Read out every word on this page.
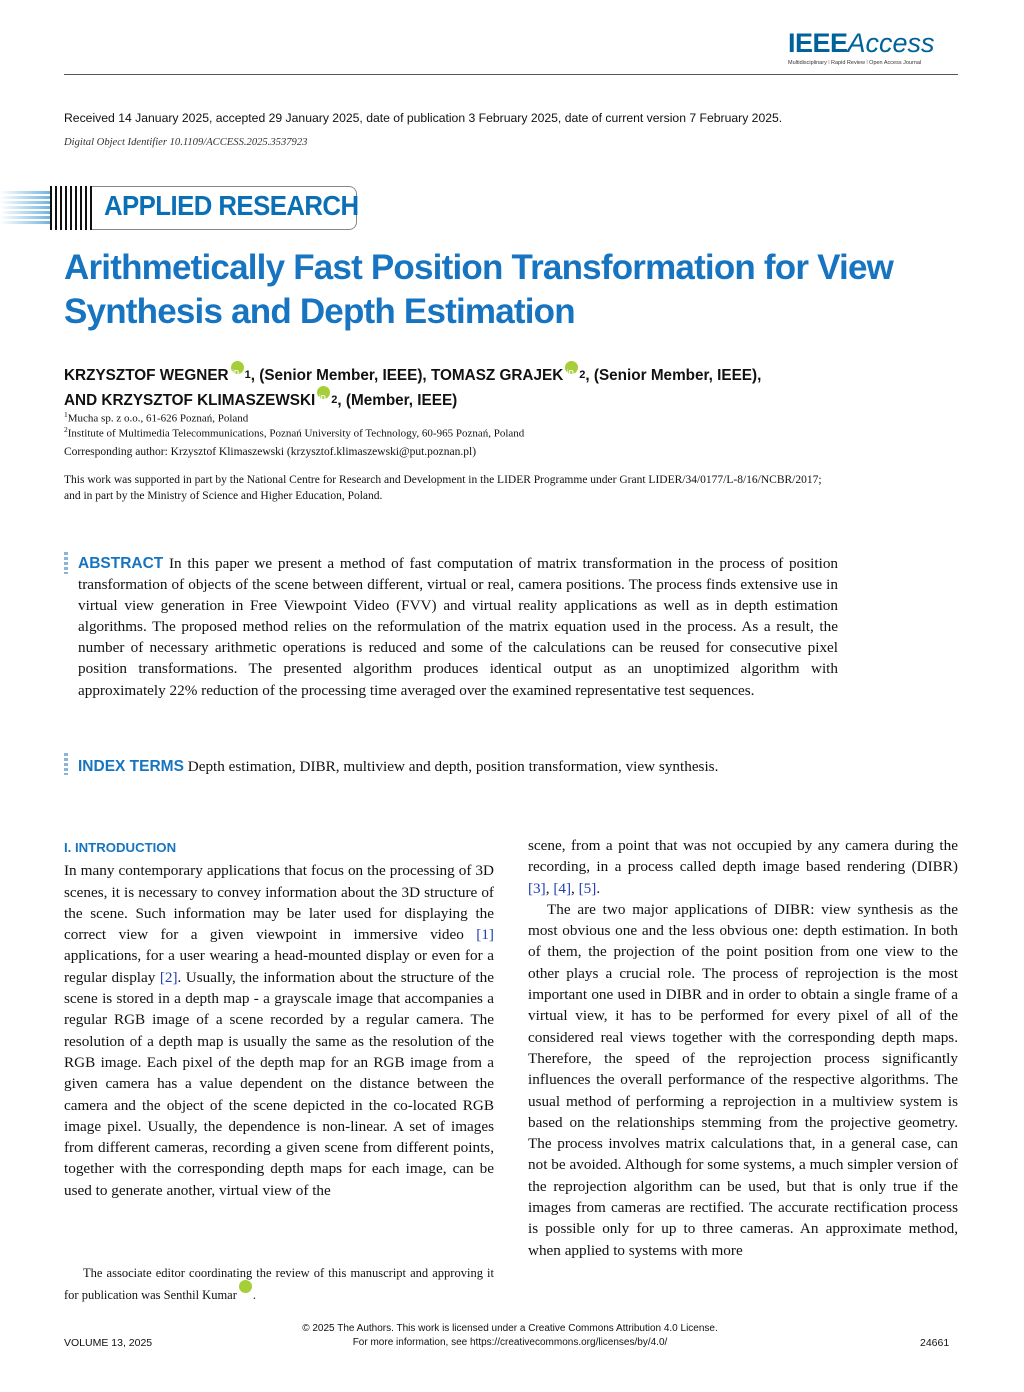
IEEEAccess
Multidisciplinary ⦚ Rapid Review ⦚ Open Access Journal
Received 14 January 2025, accepted 29 January 2025, date of publication 3 February 2025, date of current version 7 February 2025.
Digital Object Identifier 10.1109/ACCESS.2025.3537923
APPLIED RESEARCH
Arithmetically Fast Position Transformation for View Synthesis and Depth Estimation
KRZYSZTOF WEGNERiD $^1$, (Senior Member, IEEE), TOMASZ GRAJEKiD $^2$, (Senior Member, IEEE),
AND KRZYSZTOF KLIMASZEWSKIiD $^2$, (Member, IEEE)
$^1$Mucha sp. z o.o., 61-626 Poznań, Poland
$^2$Institute of Multimedia Telecommunications, Poznań University of Technology, 60-965 Poznań, Poland
Corresponding author: Krzysztof Klimaszewski (krzysztof.klimaszewski@put.poznan.pl)
This work was supported in part by the National Centre for Research and Development in the LIDER Programme under Grant LIDER/34/0177/L-8/16/NCBR/2017; and in part by the Ministry of Science and Higher Education, Poland.
ABSTRACT In this paper we present a method of fast computation of matrix transformation in the process of position transformation of objects of the scene between different, virtual or real, camera positions. The process finds extensive use in virtual view generation in Free Viewpoint Video (FVV) and virtual reality applications as well as in depth estimation algorithms. The proposed method relies on the reformulation of the matrix equation used in the process. As a result, the number of necessary arithmetic operations is reduced and some of the calculations can be reused for consecutive pixel position transformations. The presented algorithm produces identical output as an unoptimized algorithm with approximately 22% reduction of the processing time averaged over the examined representative test sequences.
INDEX TERMS Depth estimation, DIBR, multiview and depth, position transformation, view synthesis.
I. INTRODUCTION

In many contemporary applications that focus on the processing of 3D scenes, it is necessary to convey information about the 3D structure of the scene. Such information may be later used for displaying the correct view for a given viewpoint in immersive video [1] applications, for a user wearing a head-mounted display or even for a regular display [2]. Usually, the information about the structure of the scene is stored in a depth map - a grayscale image that accompanies a regular RGB image of a scene recorded by a regular camera. The resolution of a depth map is usually the same as the resolution of the RGB image. Each pixel of the depth map for an RGB image from a given camera has a value dependent on the distance between the camera and the object of the scene depicted in the co-located RGB image pixel. Usually, the dependence is non-linear. A set of images from different cameras, recording a given scene from different points, together with the corresponding depth maps for each image, can be used to generate another, virtual view of the

The associate editor coordinating the review of this manuscript and approving it for publication was Senthil KumariD

scene, from a point that was not occupied by any camera during the recording, in a process called depth image based rendering (DIBR) [3], [4], [5].

The are two major applications of DIBR: view synthesis as the most obvious one and the less obvious one: depth estimation. In both of them, the projection of the point position from one view to the other plays a crucial role. The process of reprojection is the most important one used in DIBR and in order to obtain a single frame of a virtual view, it has to be performed for every pixel of all of the considered real views together with the corresponding depth maps. Therefore, the speed of the reprojection process significantly influences the overall performance of the respective algorithms. The usual method of performing a reprojection in a multiview system is based on the relationships stemming from the projective geometry. The process involves matrix calculations that, in a general case, can not be avoided. Although for some systems, a much simpler version of the reprojection algorithm can be used, but that is only true if the images from cameras are rectified. The accurate rectification process is possible only for up to three cameras. An approximate method, when applied to systems with more

VOLUME 13, 2025
© 2025 The Authors. This work is licensed under a Creative Commons Attribution 4.0 License.
For more information, see https://creativecommons.org/licenses/by/4.0/	24661
